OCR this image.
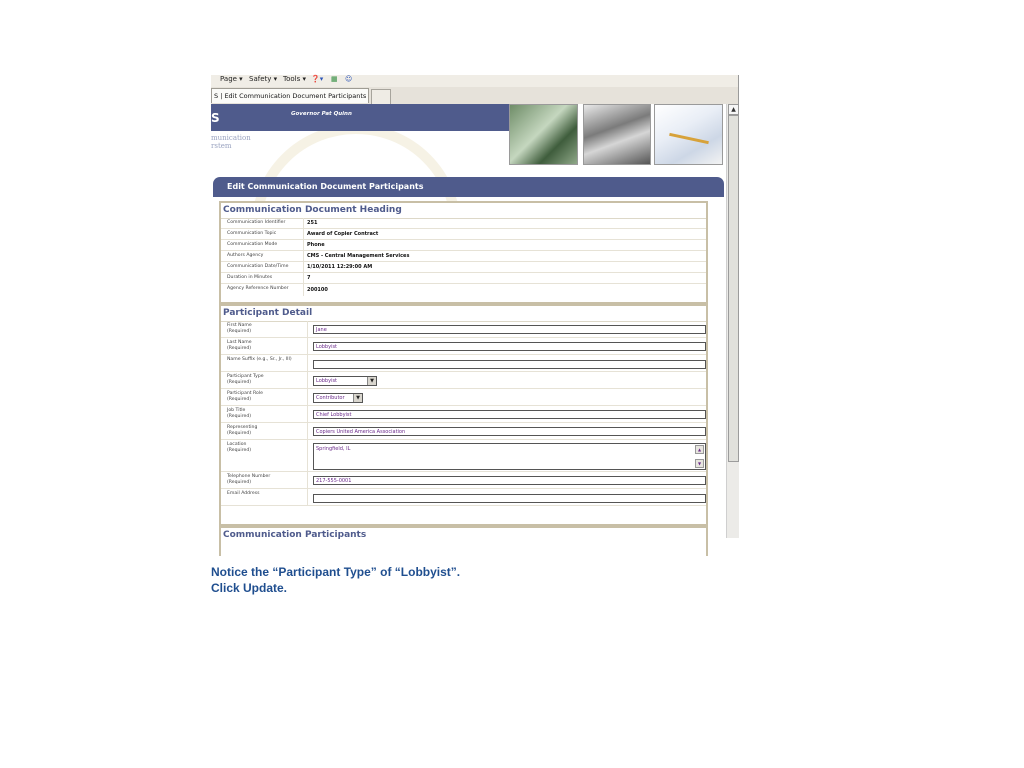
Page ▾ Safety ▾ Tools ▾ ❓▾ ▦ ☺
S | Edit Communication Document Participants
S	Governor Pat Quinn
munication
rstem
Edit Communication Document Participants
Communication Document Heading
Communication Identifier	251
Communication Topic	Award of Copier Contract
Communication Mode	Phone
Authors Agency	CMS - Central Management Services
Communication Date/Time	1/10/2011 12:29:00 AM
Duration in Minutes	7
Agency Reference Number	200100
Participant Detail
First Name
(Required)	Jane
Last Name
(Required)	Lobbyist
Name Suffix (e.g., Sr., Jr., III)
Participant Type
(Required)	Lobbyist	▼
Participant Role
(Required)	Contributor	▼
Job Title
(Required)	Chief Lobbyist
Representing
(Required)	Copiers United America Association
Location
(Required)	Springfield, IL	▲
▼
Telephone Number
(Required)	217-555-0001
Email Address
Communication Participants
▲
Notice the “Participant Type” of “Lobbyist”.
Click Update.
